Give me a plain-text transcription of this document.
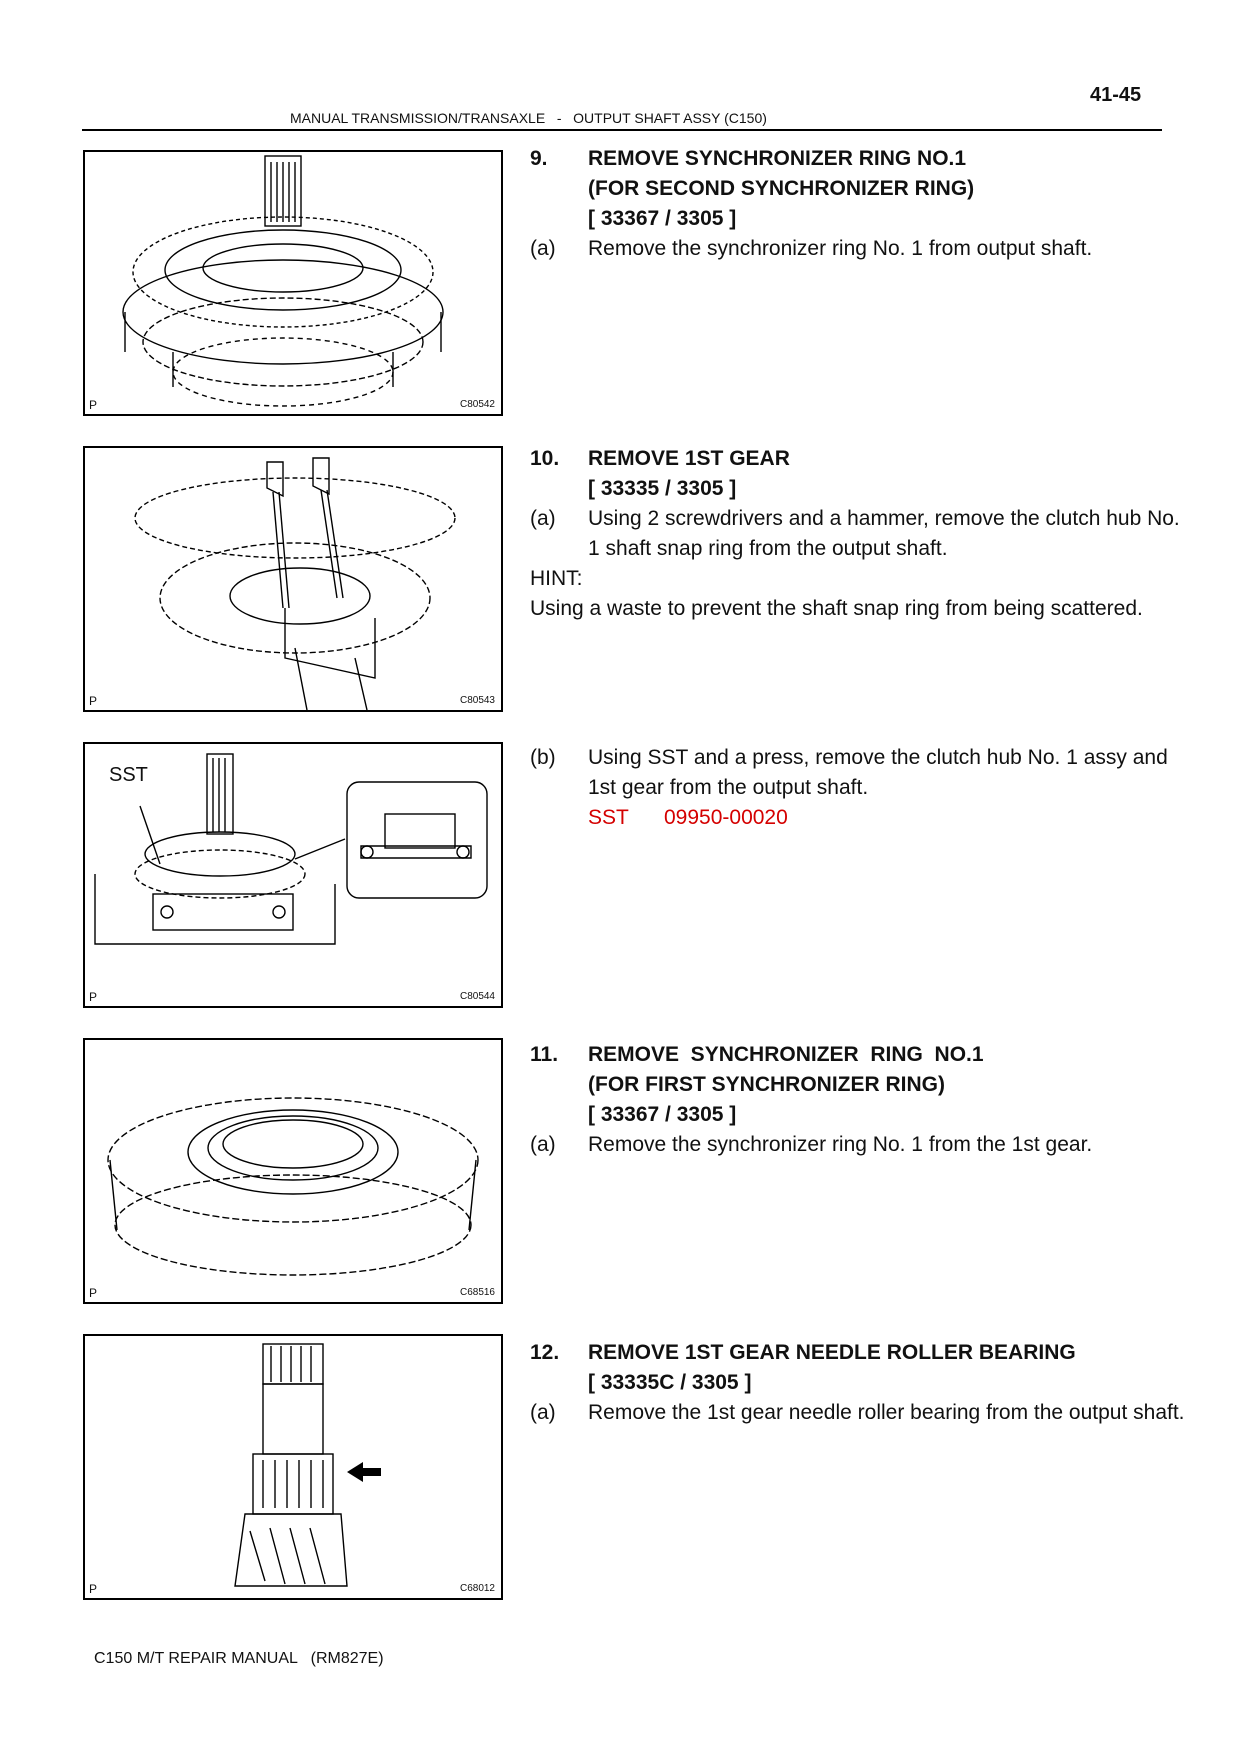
41-45
MANUAL TRANSMISSION/TRANSAXLE   -   OUTPUT SHAFT ASSY (C150)
P	C80542
P	C80543
SST
P	C80544
P	C68516
P	C68012
9.	REMOVE SYNCHRONIZER RING NO.1
(FOR SECOND SYNCHRONIZER RING)
[ 33367 / 3305 ]
(a)	Remove the synchronizer ring No. 1 from output shaft.
10.	REMOVE 1ST GEAR
[ 33335 / 3305 ]
(a)	Using 2 screwdrivers and a hammer, remove the clutch hub No. 1 shaft snap ring from the output shaft.
HINT:
Using a waste to prevent the shaft snap ring from being scattered.
(b)	Using SST and a press, remove the clutch hub No. 1 assy and 1st gear from the output shaft.
SST	09950-00020
11.	REMOVE  SYNCHRONIZER  RING  NO.1
(FOR FIRST SYNCHRONIZER RING)
[ 33367 / 3305 ]
(a)	Remove the synchronizer ring No. 1 from the 1st gear.
12.	REMOVE 1ST GEAR NEEDLE ROLLER BEARING
[ 33335C / 3305 ]
(a)	Remove the 1st gear needle roller bearing from the output shaft.
C150 M/T REPAIR MANUAL   (RM827E)
